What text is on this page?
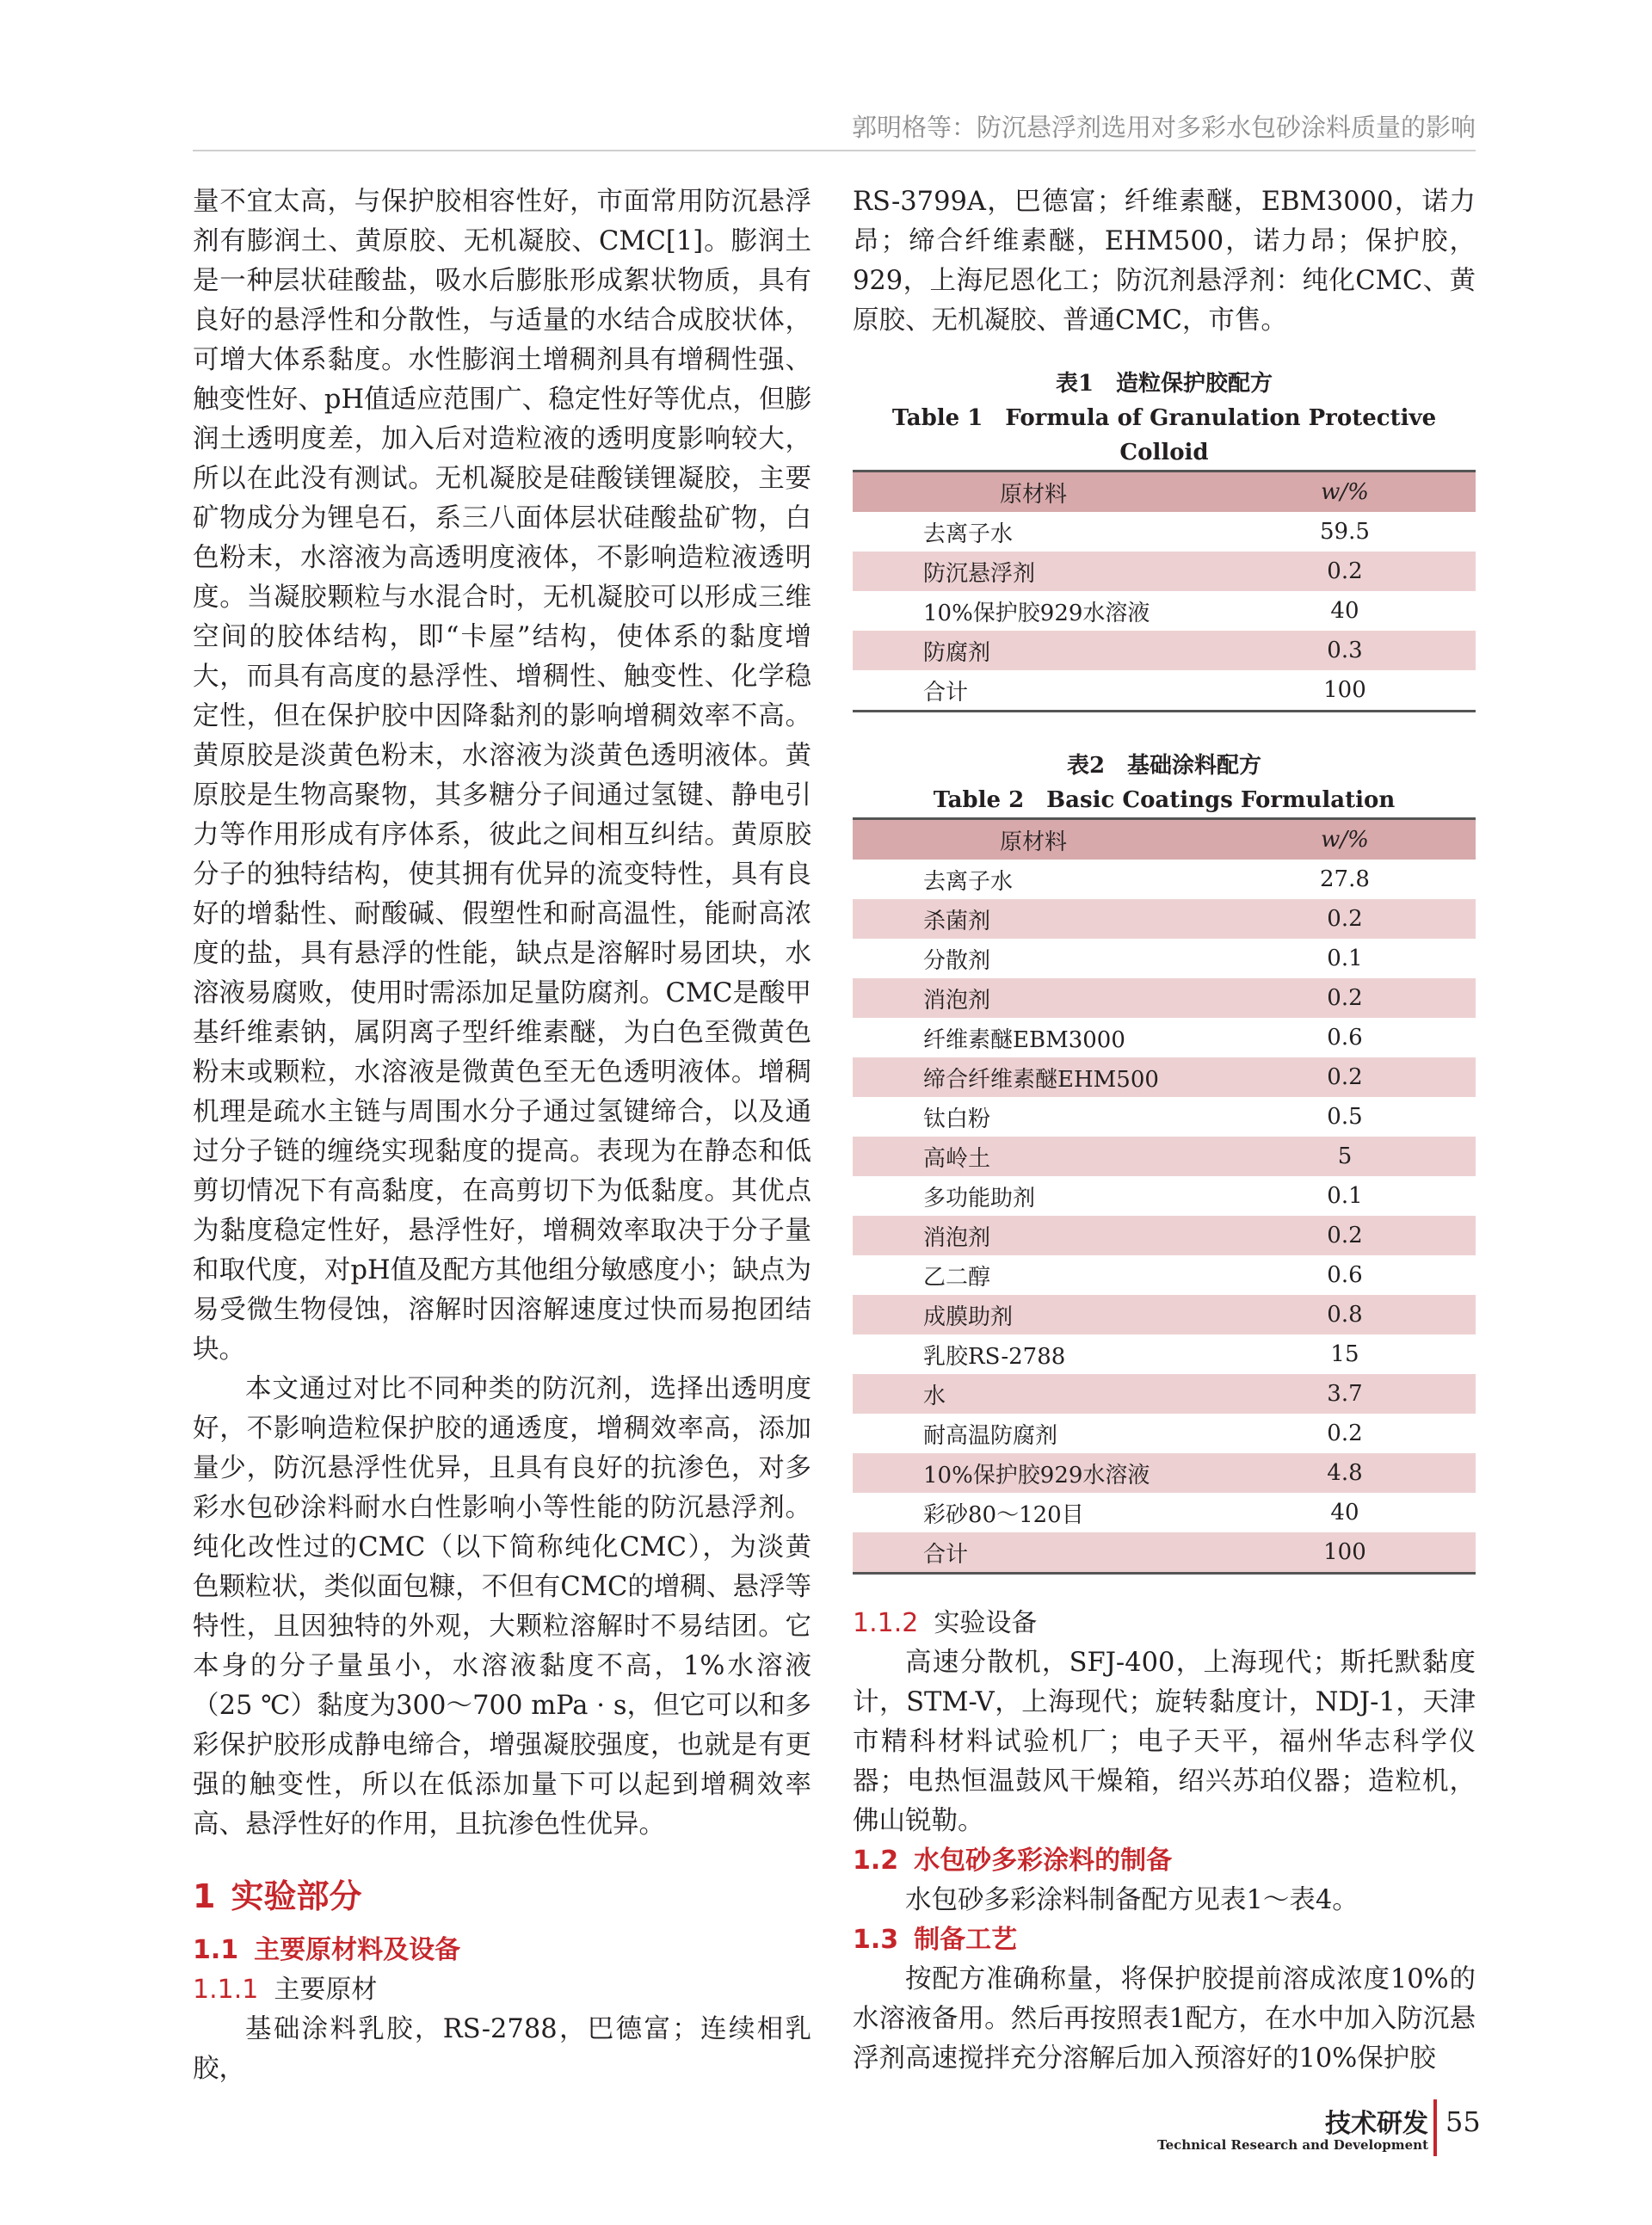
郭明格等：防沉悬浮剂选用对多彩水包砂涂料质量的影响

量不宜太高，与保护胶相容性好，市面常用防沉悬浮剂有膨润土、黄原胶、无机凝胶、CMC[1]。膨润土是一种层状硅酸盐，吸水后膨胀形成絮状物质，具有良好的悬浮性和分散性，与适量的水结合成胶状体，可增大体系黏度。水性膨润土增稠剂具有增稠性强、触变性好、pH值适应范围广、稳定性好等优点，但膨润土透明度差，加入后对造粒液的透明度影响较大，所以在此没有测试。无机凝胶是硅酸镁锂凝胶，主要矿物成分为锂皂石，系三八面体层状硅酸盐矿物，白色粉末，水溶液为高透明度液体，不影响造粒液透明度。当凝胶颗粒与水混合时，无机凝胶可以形成三维空间的胶体结构，即“卡屋”结构，使体系的黏度增大，而具有高度的悬浮性、增稠性、触变性、化学稳定性，但在保护胶中因降黏剂的影响增稠效率不高。黄原胶是淡黄色粉末，水溶液为淡黄色透明液体。黄原胶是生物高聚物，其多糖分子间通过氢键、静电引力等作用形成有序体系，彼此之间相互纠结。黄原胶分子的独特结构，使其拥有优异的流变特性，具有良好的增黏性、耐酸碱、假塑性和耐高温性，能耐高浓度的盐，具有悬浮的性能，缺点是溶解时易团块，水溶液易腐败，使用时需添加足量防腐剂。CMC是酸甲基纤维素钠，属阴离子型纤维素醚，为白色至微黄色粉末或颗粒，水溶液是微黄色至无色透明液体。增稠机理是疏水主链与周围水分子通过氢键缔合，以及通过分子链的缠绕实现黏度的提高。表现为在静态和低剪切情况下有高黏度，在高剪切下为低黏度。其优点为黏度稳定性好，悬浮性好，增稠效率取决于分子量和取代度，对pH值及配方其他组分敏感度小；缺点为易受微生物侵蚀，溶解时因溶解速度过快而易抱团结块。

本文通过对比不同种类的防沉剂，选择出透明度好，不影响造粒保护胶的通透度，增稠效率高，添加量少，防沉悬浮性优异，且具有良好的抗渗色，对多彩水包砂涂料耐水白性影响小等性能的防沉悬浮剂。纯化改性过的CMC（以下简称纯化CMC），为淡黄色颗粒状，类似面包糠，不但有CMC的增稠、悬浮等特性，且因独特的外观，大颗粒溶解时不易结团。它本身的分子量虽小，水溶液黏度不高，1%水溶液（25 ℃）黏度为300～700 mPa · s，但它可以和多彩保护胶形成静电缔合，增强凝胶强度，也就是有更强的触变性，所以在低添加量下可以起到增稠效率高、悬浮性好的作用，且抗渗色性优异。

1 实验部分
1.1 主要原材料及设备
1.1.1 主要原材

基础涂料乳胶，RS-2788，巴德富；连续相乳胶，

RS-3799A，巴德富；纤维素醚，EBM3000，诺力昂；缔合纤维素醚，EHM500，诺力昂；保护胶，929，上海尼恩化工；防沉剂悬浮剂：纯化CMC、黄原胶、无机凝胶、普通CMC，市售。

表1　造粒保护胶配方

Table 1　Formula of Granulation Protective Colloid

原材料	w/%
去离子水	59.5
防沉悬浮剂	0.2
10%保护胶929水溶液	40
防腐剂	0.3
合计	100

表2　基础涂料配方

Table 2　Basic Coatings Formulation

原材料	w/%
去离子水	27.8
杀菌剂	0.2
分散剂	0.1
消泡剂	0.2
纤维素醚EBM3000	0.6
缔合纤维素醚EHM500	0.2
钛白粉	0.5
高岭土	5
多功能助剂	0.1
消泡剂	0.2
乙二醇	0.6
成膜助剂	0.8
乳胶RS-2788	15
水	3.7
耐高温防腐剂	0.2
10%保护胶929水溶液	4.8
彩砂80～120目	40
合计	100
1.1.2 实验设备

高速分散机，SFJ-400，上海现代；斯托默黏度计，STM-V，上海现代；旋转黏度计，NDJ-1，天津市精科材料试验机厂；电子天平，福州华志科学仪器；电热恒温鼓风干燥箱，绍兴苏珀仪器；造粒机，佛山锐勒。

1.2 水包砂多彩涂料的制备

水包砂多彩涂料制备配方见表1～表4。

1.3 制备工艺

按配方准确称量，将保护胶提前溶成浓度10%的水溶液备用。然后再按照表1配方，在水中加入防沉悬浮剂高速搅拌充分溶解后加入预溶好的10%保护胶

技术研发
Technical Research and Development
55
